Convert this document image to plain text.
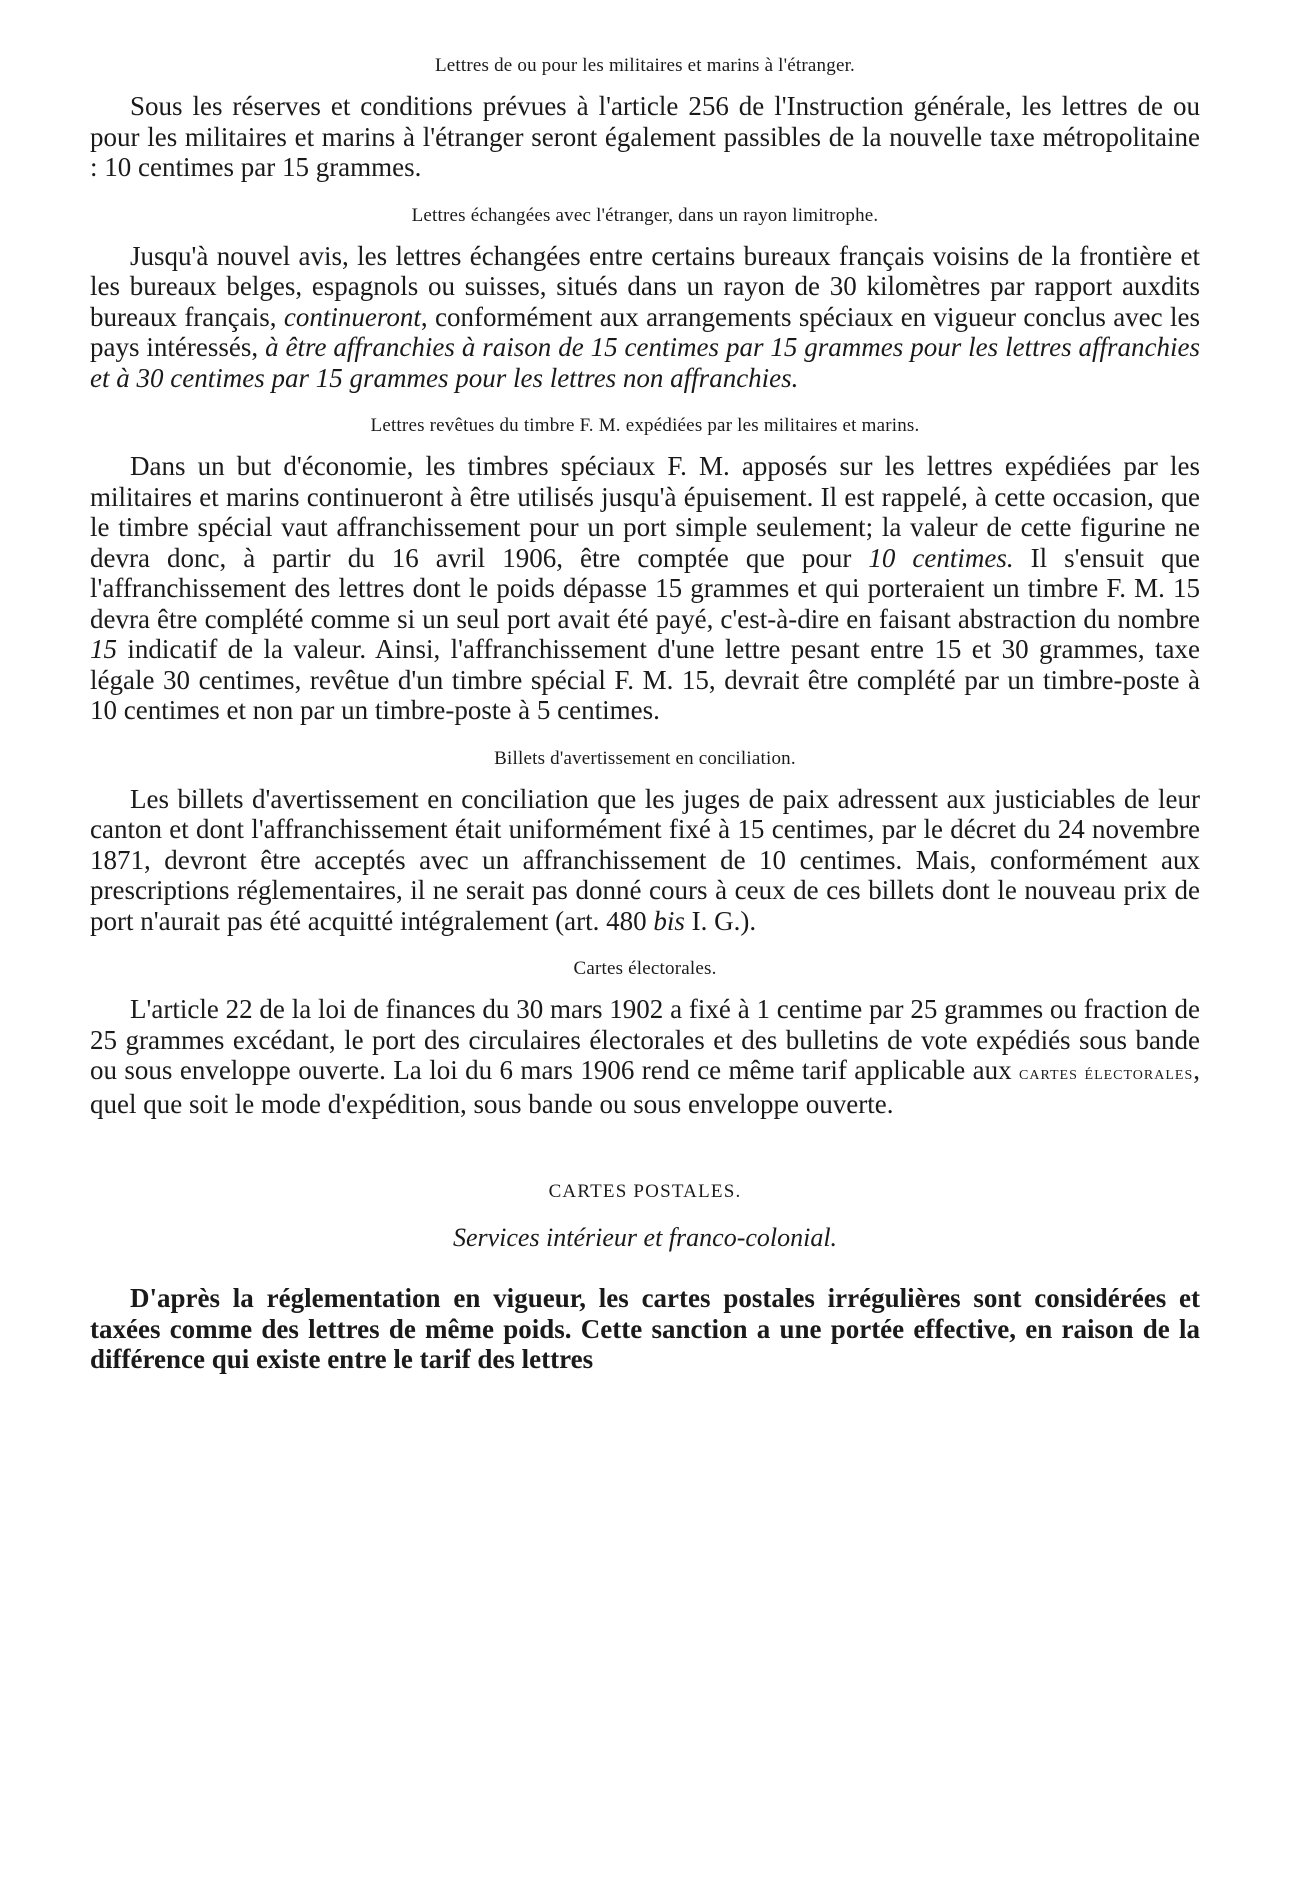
Lettres de ou pour les militaires et marins à l'étranger.

Sous les réserves et conditions prévues à l'article 256 de l'Instruction générale, les lettres de ou pour les militaires et marins à l'étranger seront également passibles de la nouvelle taxe métropolitaine : 10 centimes par 15 grammes.

Lettres échangées avec l'étranger, dans un rayon limitrophe.

Jusqu'à nouvel avis, les lettres échangées entre certains bureaux français voisins de la frontière et les bureaux belges, espagnols ou suisses, situés dans un rayon de 30 kilomètres par rapport auxdits bureaux français, continueront, conformément aux arrangements spéciaux en vigueur conclus avec les pays intéressés, à être affranchies à raison de 15 centimes par 15 grammes pour les lettres affranchies et à 30 centimes par 15 grammes pour les lettres non affranchies.

Lettres revêtues du timbre F. M. expédiées par les militaires et marins.

Dans un but d'économie, les timbres spéciaux F. M. apposés sur les lettres expédiées par les militaires et marins continueront à être utilisés jusqu'à épuisement. Il est rappelé, à cette occasion, que le timbre spécial vaut affranchissement pour un port simple seulement; la valeur de cette figurine ne devra donc, à partir du 16 avril 1906, être comptée que pour 10 centimes. Il s'ensuit que l'affranchissement des lettres dont le poids dépasse 15 grammes et qui porteraient un timbre F. M. 15 devra être complété comme si un seul port avait été payé, c'est-à-dire en faisant abstraction du nombre 15 indicatif de la valeur. Ainsi, l'affranchissement d'une lettre pesant entre 15 et 30 grammes, taxe légale 30 centimes, revêtue d'un timbre spécial F. M. 15, devrait être complété par un timbre-poste à 10 centimes et non par un timbre-poste à 5 centimes.

Billets d'avertissement en conciliation.

Les billets d'avertissement en conciliation que les juges de paix adressent aux justiciables de leur canton et dont l'affranchissement était uniformément fixé à 15 centimes, par le décret du 24 novembre 1871, devront être acceptés avec un affranchissement de 10 centimes. Mais, conformément aux prescriptions réglementaires, il ne serait pas donné cours à ceux de ces billets dont le nouveau prix de port n'aurait pas été acquitté intégralement (art. 480 bis I. G.).

Cartes électorales.

L'article 22 de la loi de finances du 30 mars 1902 a fixé à 1 centime par 25 grammes ou fraction de 25 grammes excédant, le port des circulaires électorales et des bulletins de vote expédiés sous bande ou sous enveloppe ouverte. La loi du 6 mars 1906 rend ce même tarif applicable aux cartes électorales, quel que soit le mode d'expédition, sous bande ou sous enveloppe ouverte.

CARTES POSTALES.

Services intérieur et franco-colonial.

D'après la réglementation en vigueur, les cartes postales irrégulières sont considérées et taxées comme des lettres de même poids. Cette sanction a une portée effective, en raison de la différence qui existe entre le tarif des lettres
